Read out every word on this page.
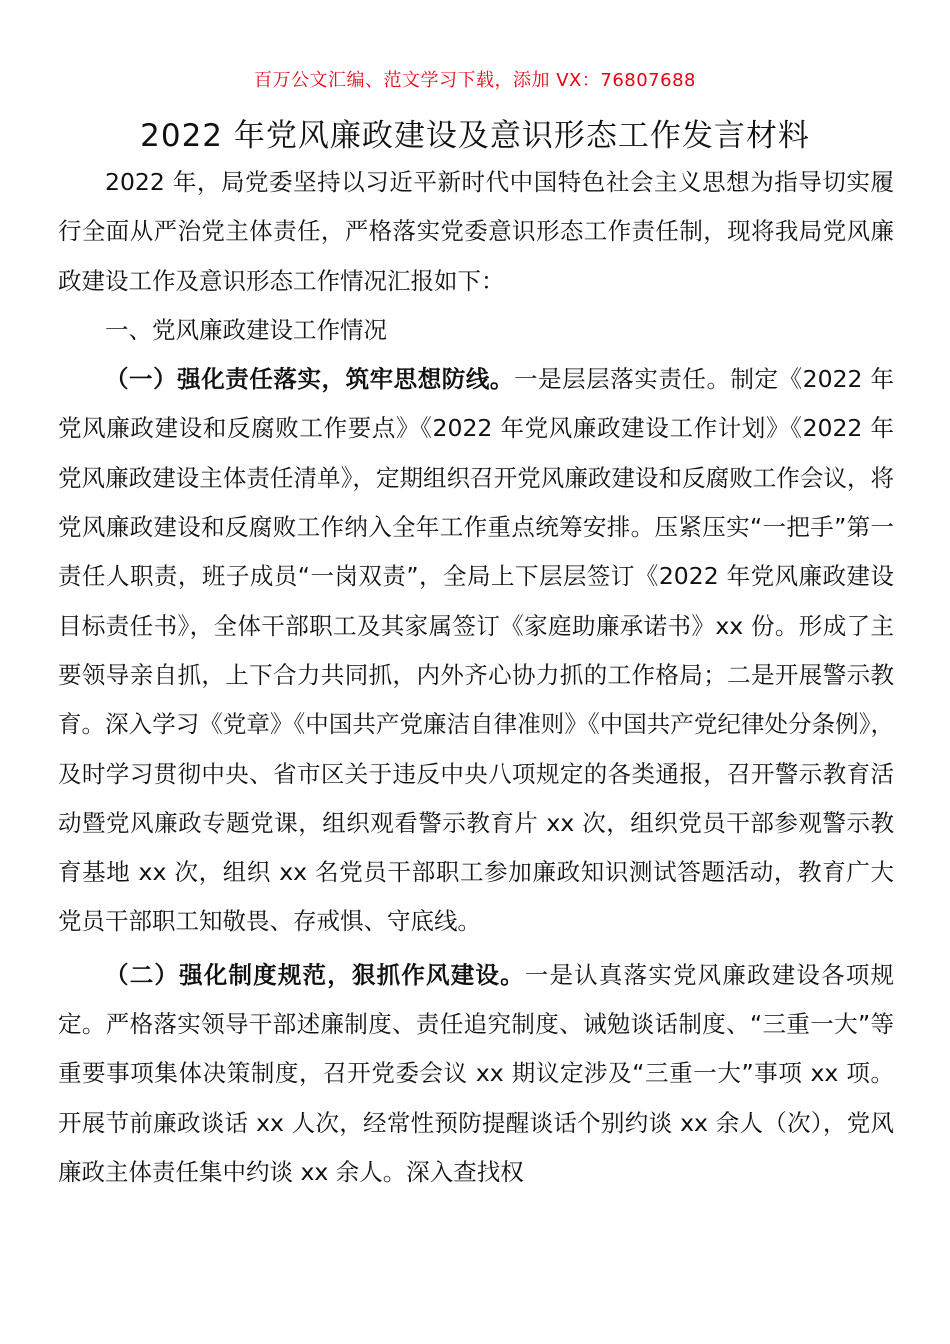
百万公文汇编、范文学习下载，添加 VX：76807688
2022 年党风廉政建设及意识形态工作发言材料

2022 年，局党委坚持以习近平新时代中国特色社会主义思想为指导切实履行全面从严治党主体责任，严格落实党委意识形态工作责任制，现将我局党风廉政建设工作及意识形态工作情况汇报如下：

一、党风廉政建设工作情况

（一）强化责任落实，筑牢思想防线。一是层层落实责任。制定《2022 年党风廉政建设和反腐败工作要点》《2022 年党风廉政建设工作计划》《2022 年党风廉政建设主体责任清单》，定期组织召开党风廉政建设和反腐败工作会议，将党风廉政建设和反腐败工作纳入全年工作重点统筹安排。压紧压实“一把手”第一责任人职责，班子成员“一岗双责”，全局上下层层签订《2022 年党风廉政建设目标责任书》，全体干部职工及其家属签订《家庭助廉承诺书》xx 份。形成了主要领导亲自抓，上下合力共同抓，内外齐心协力抓的工作格局；二是开展警示教育。深入学习《党章》《中国共产党廉洁自律准则》《中国共产党纪律处分条例》，及时学习贯彻中央、省市区关于违反中央八项规定的各类通报，召开警示教育活动暨党风廉政专题党课，组织观看警示教育片 xx 次，组织党员干部参观警示教育基地 xx 次，组织 xx 名党员干部职工参加廉政知识测试答题活动，教育广大党员干部职工知敬畏、存戒惧、守底线。

（二）强化制度规范，狠抓作风建设。一是认真落实党风廉政建设各项规定。严格落实领导干部述廉制度、责任追究制度、诫勉谈话制度、“三重一大”等重要事项集体决策制度，召开党委会议 xx 期议定涉及“三重一大”事项 xx 项。开展节前廉政谈话 xx 人次，经常性预防提醒谈话个别约谈 xx 余人（次），党风廉政主体责任集中约谈 xx 余人。深入查找权
